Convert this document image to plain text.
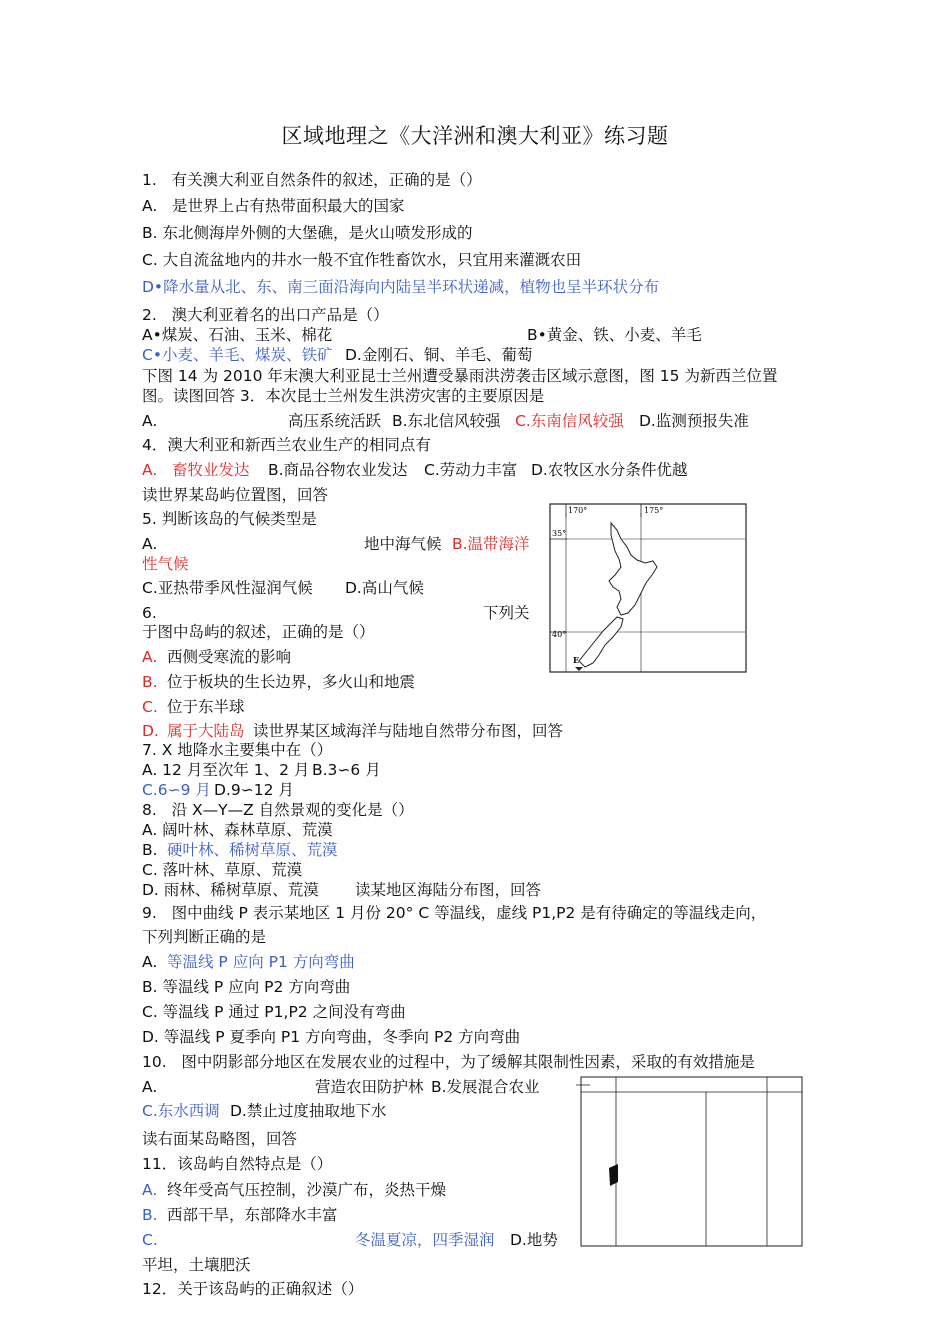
区域地理之《大洋洲和澳大利亚》练习题
1.   有关澳大利亚自然条件的叙述，正确的是（）
A.   是世界上占有热带面积最大的国家
B. 东北侧海岸外侧的大堡礁，是火山喷发形成的
C. 大自流盆地内的井水一般不宜作牲畜饮水，只宜用来灌溉农田
D•降水量从北、东、南三面沿海向内陆呈半环状递减，植物也呈半环状分布
2.   澳大利亚着名的出口产品是（）
A•煤炭、石油、玉米、棉花	B•黄金、铁、小麦、羊毛
C•小麦、羊毛、煤炭、铁矿 D.金刚石、铜、羊毛、葡萄
下图 14 为 2010 年末澳大利亚昆士兰州遭受暴雨洪涝袭击区域示意图，图 15 为新西兰位置
图。读图回答 3．本次昆士兰州发生洪涝灾害的主要原因是
A.	高压系统活跃 B.东北信风较强 C.东南信风较强 D.监测预报失准
4．澳大利亚和新西兰农业生产的相同点有
A.   畜牧业发达 B.商品谷物农业发达 C.劳动力丰富 D.农牧区水分条件优越
读世界某岛屿位置图，回答
5. 判断该岛的气候类型是
A.	地中海气候 B.温带海洋
性气候
C.亚热带季风性湿润气候 D.高山气候
6.	下列关
于图中岛屿的叙述，正确的是（）
A. 西侧受寒流的影响
B. 位于板块的生长边界，多火山和地震
C. 位于东半球
D. 属于大陆岛 读世界某区域海洋与陆地自然带分布图，回答
170°	175°
35°
40°
E
7. X 地降水主要集中在（）
A. 12 月至次年 1、2 月 B.3∽6 月
C.6∽9 月 D.9∽12 月
8.   沿 X—Y—Z 自然景观的变化是（）
A. 阔叶林、森林草原、荒漠
B. 硬叶林、稀树草原、荒漠
C. 落叶林、草原、荒漠
D. 雨林、稀树草原、荒漠 读某地区海陆分布图，回答
9.   图中曲线 P 表示某地区 1 月份 20° C 等温线，虚线 P1,P2 是有待确定的等温线走向，
下列判断正确的是
A. 等温线 P 应向 P1 方向弯曲
B. 等温线 P 应向 P2 方向弯曲
C. 等温线 P 通过 P1,P2 之间没有弯曲
D. 等温线 P 夏季向 P1 方向弯曲，冬季向 P2 方向弯曲
10.   图中阴影部分地区在发展农业的过程中，为了缓解其限制性因素，采取的有效措施是
A.	营造农田防护林 B.发展混合农业
C.东水西调 D.禁止过度抽取地下水
读右面某岛略图，回答
11．该岛屿自然特点是（）
A. 终年受高气压控制，沙漠广布，炎热干燥
B. 西部干旱，东部降水丰富
C.	冬温夏凉，四季湿润 D.地势
平坦，土壤肥沃
12．关于该岛屿的正确叙述（）
